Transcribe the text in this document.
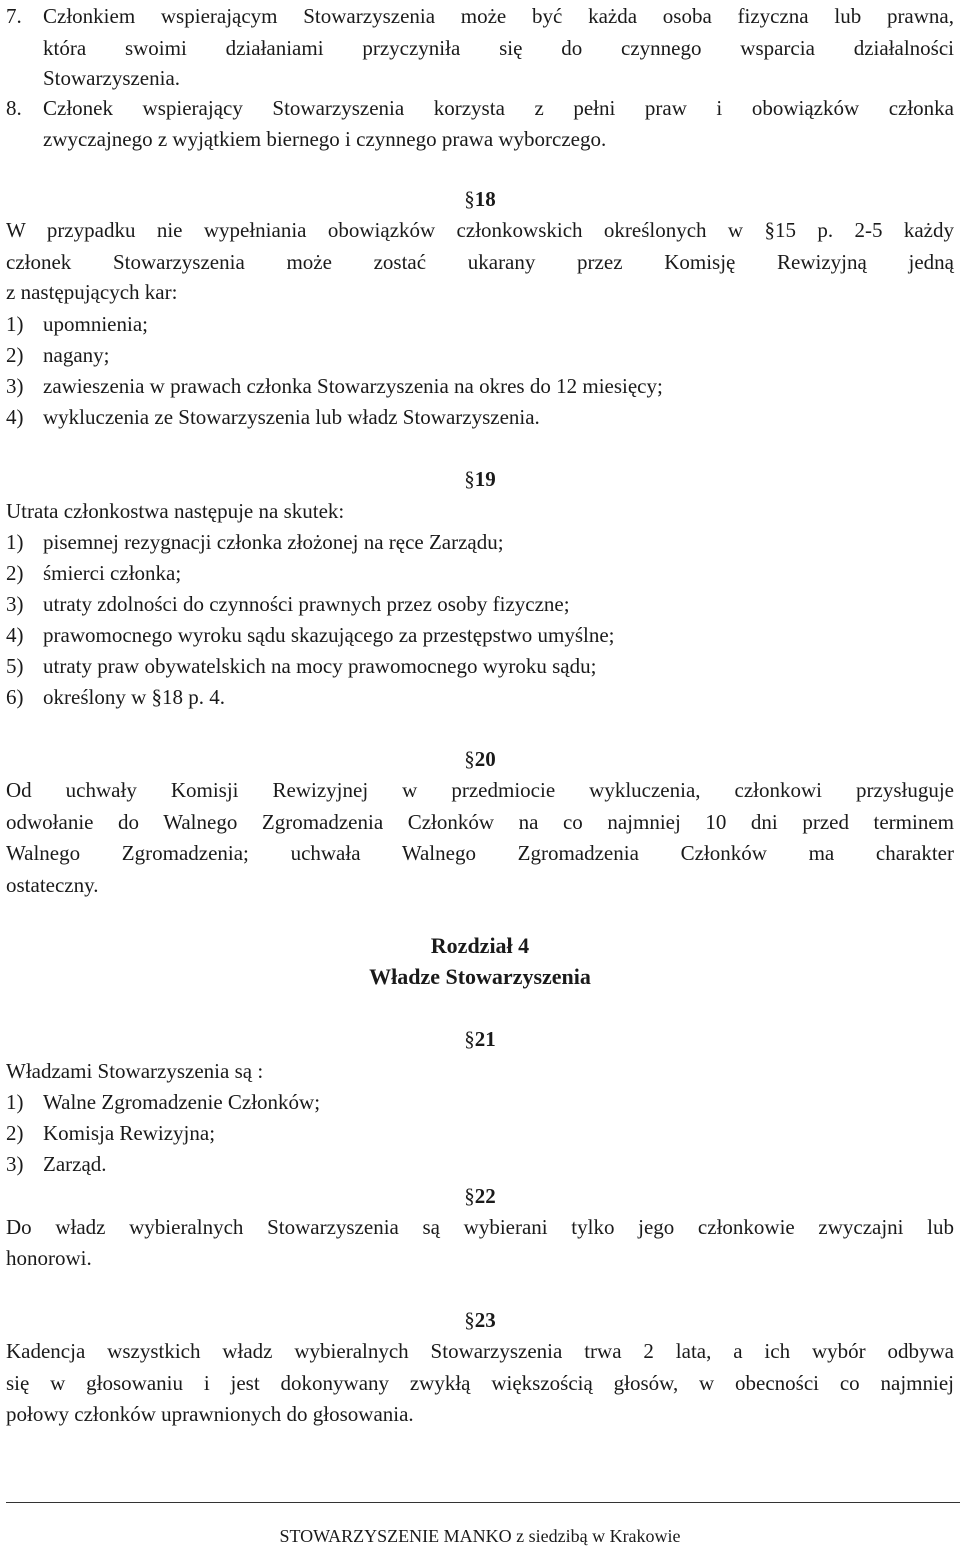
7. Członkiem wspierającym Stowarzyszenia może być każda osoba fizyczna lub prawna,
która swoimi działaniami przyczyniła się do czynnego wsparcia działalności
Stowarzyszenia.
8. Członek wspierający Stowarzyszenia korzysta z pełni praw i obowiązków członka
zwyczajnego z wyjątkiem biernego i czynnego prawa wyborczego.
§18
W przypadku nie wypełniania obowiązków członkowskich określonych w §15 p. 2-5 każdy
członek Stowarzyszenia może zostać ukarany przez Komisję Rewizyjną jedną
z następujących kar:
1) upomnienia;
2) nagany;
3) zawieszenia w prawach członka Stowarzyszenia na okres do 12 miesięcy;
4) wykluczenia ze Stowarzyszenia lub władz Stowarzyszenia.
§19
Utrata członkostwa następuje na skutek:
1) pisemnej rezygnacji członka złożonej na ręce Zarządu;
2) śmierci członka;
3) utraty zdolności do czynności prawnych przez osoby fizyczne;
4) prawomocnego wyroku sądu skazującego za przestępstwo umyślne;
5) utraty praw obywatelskich na mocy prawomocnego wyroku sądu;
6) określony w §18 p. 4.
§20
Od uchwały Komisji Rewizyjnej w przedmiocie wykluczenia, członkowi przysługuje
odwołanie do Walnego Zgromadzenia Członków na co najmniej 10 dni przed terminem
Walnego Zgromadzenia; uchwała Walnego Zgromadzenia Członków ma charakter
ostateczny.
Rozdział 4
Władze Stowarzyszenia
§21
Władzami Stowarzyszenia są :
1) Walne Zgromadzenie Członków;
2) Komisja Rewizyjna;
3) Zarząd.
§22
Do władz wybieralnych Stowarzyszenia są wybierani tylko jego członkowie zwyczajni lub
honorowi.
§23
Kadencja wszystkich władz wybieralnych Stowarzyszenia trwa 2 lata, a ich wybór odbywa
się w głosowaniu i jest dokonywany zwykłą większością głosów, w obecności co najmniej
połowy członków uprawnionych do głosowania.
STOWARZYSZENIE MANKO z siedzibą w Krakowie
